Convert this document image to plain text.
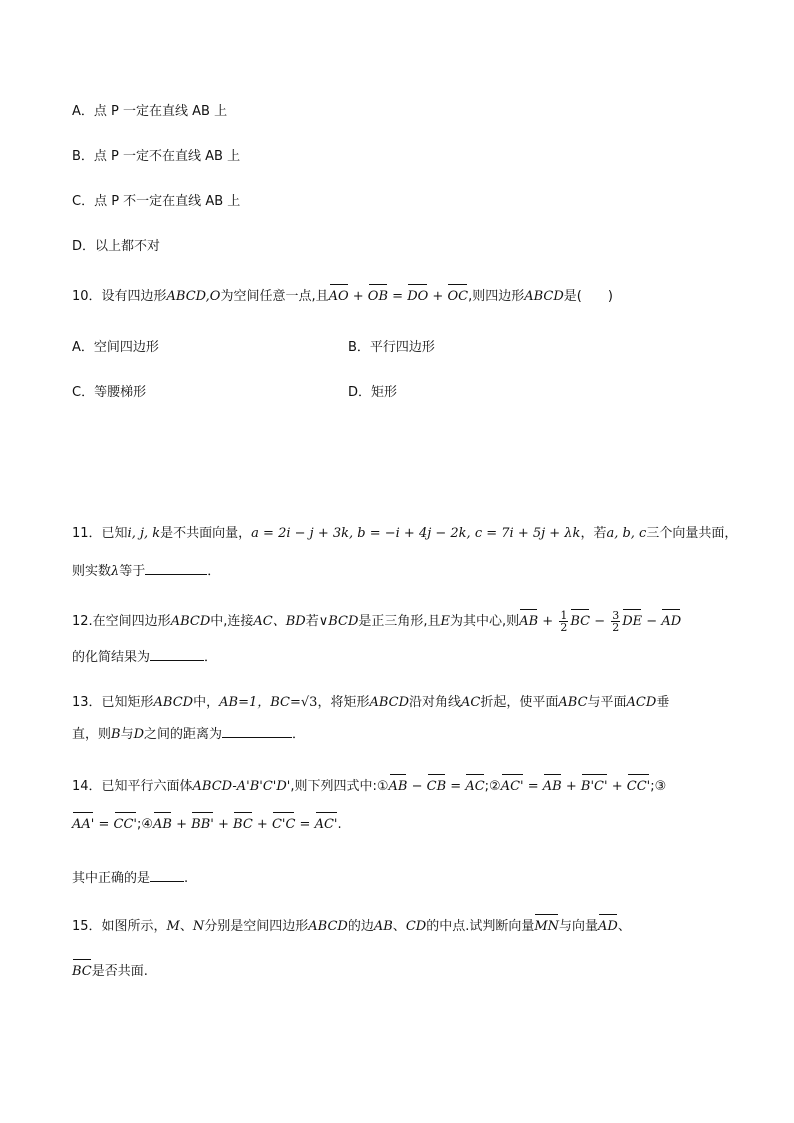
A．点 P 一定在直线 AB 上
B．点 P 一定不在直线 AB 上
C．点 P 不一定在直线 AB 上
D．以上都不对
10．设有四边形ABCD,O为空间任意一点,且AO + OB = DO + OC,则四边形ABCD是(　　)
A．空间四边形	B．平行四边形
C．等腰梯形	D．矩形
11．已知i, j, k是不共面向量，a = 2i − j + 3k, b = −i + 4j − 2k, c = 7i + 5j + λk，若a, b, c三个向量共面，
则实数λ等于	．
12.在空间四边形ABCD中,连接AC、BD若∨BCD是正三角形,且E为其中心,则AB + $\frac{1}{2}$ BC − $\frac{3}{2}$ DE − AD
的化简结果为	．
13．已知矩形ABCD中，AB=1，BC=√3，将矩形ABCD沿对角线AC折起，使平面ABC与平面ACD垂
直，则B与D之间的距离为	．
14．已知平行六面体ABCD-A'B'C'D',则下列四式中:①AB − CB = AC;②AC' = AB + B'C' + CC';③
AA' = CC';④AB + BB' + BC + C'C = AC'.
其中正确的是	.
15．如图所示，M、N分别是空间四边形ABCD的边AB、CD的中点.试判断向量MN与向量AD、
BC是否共面.
